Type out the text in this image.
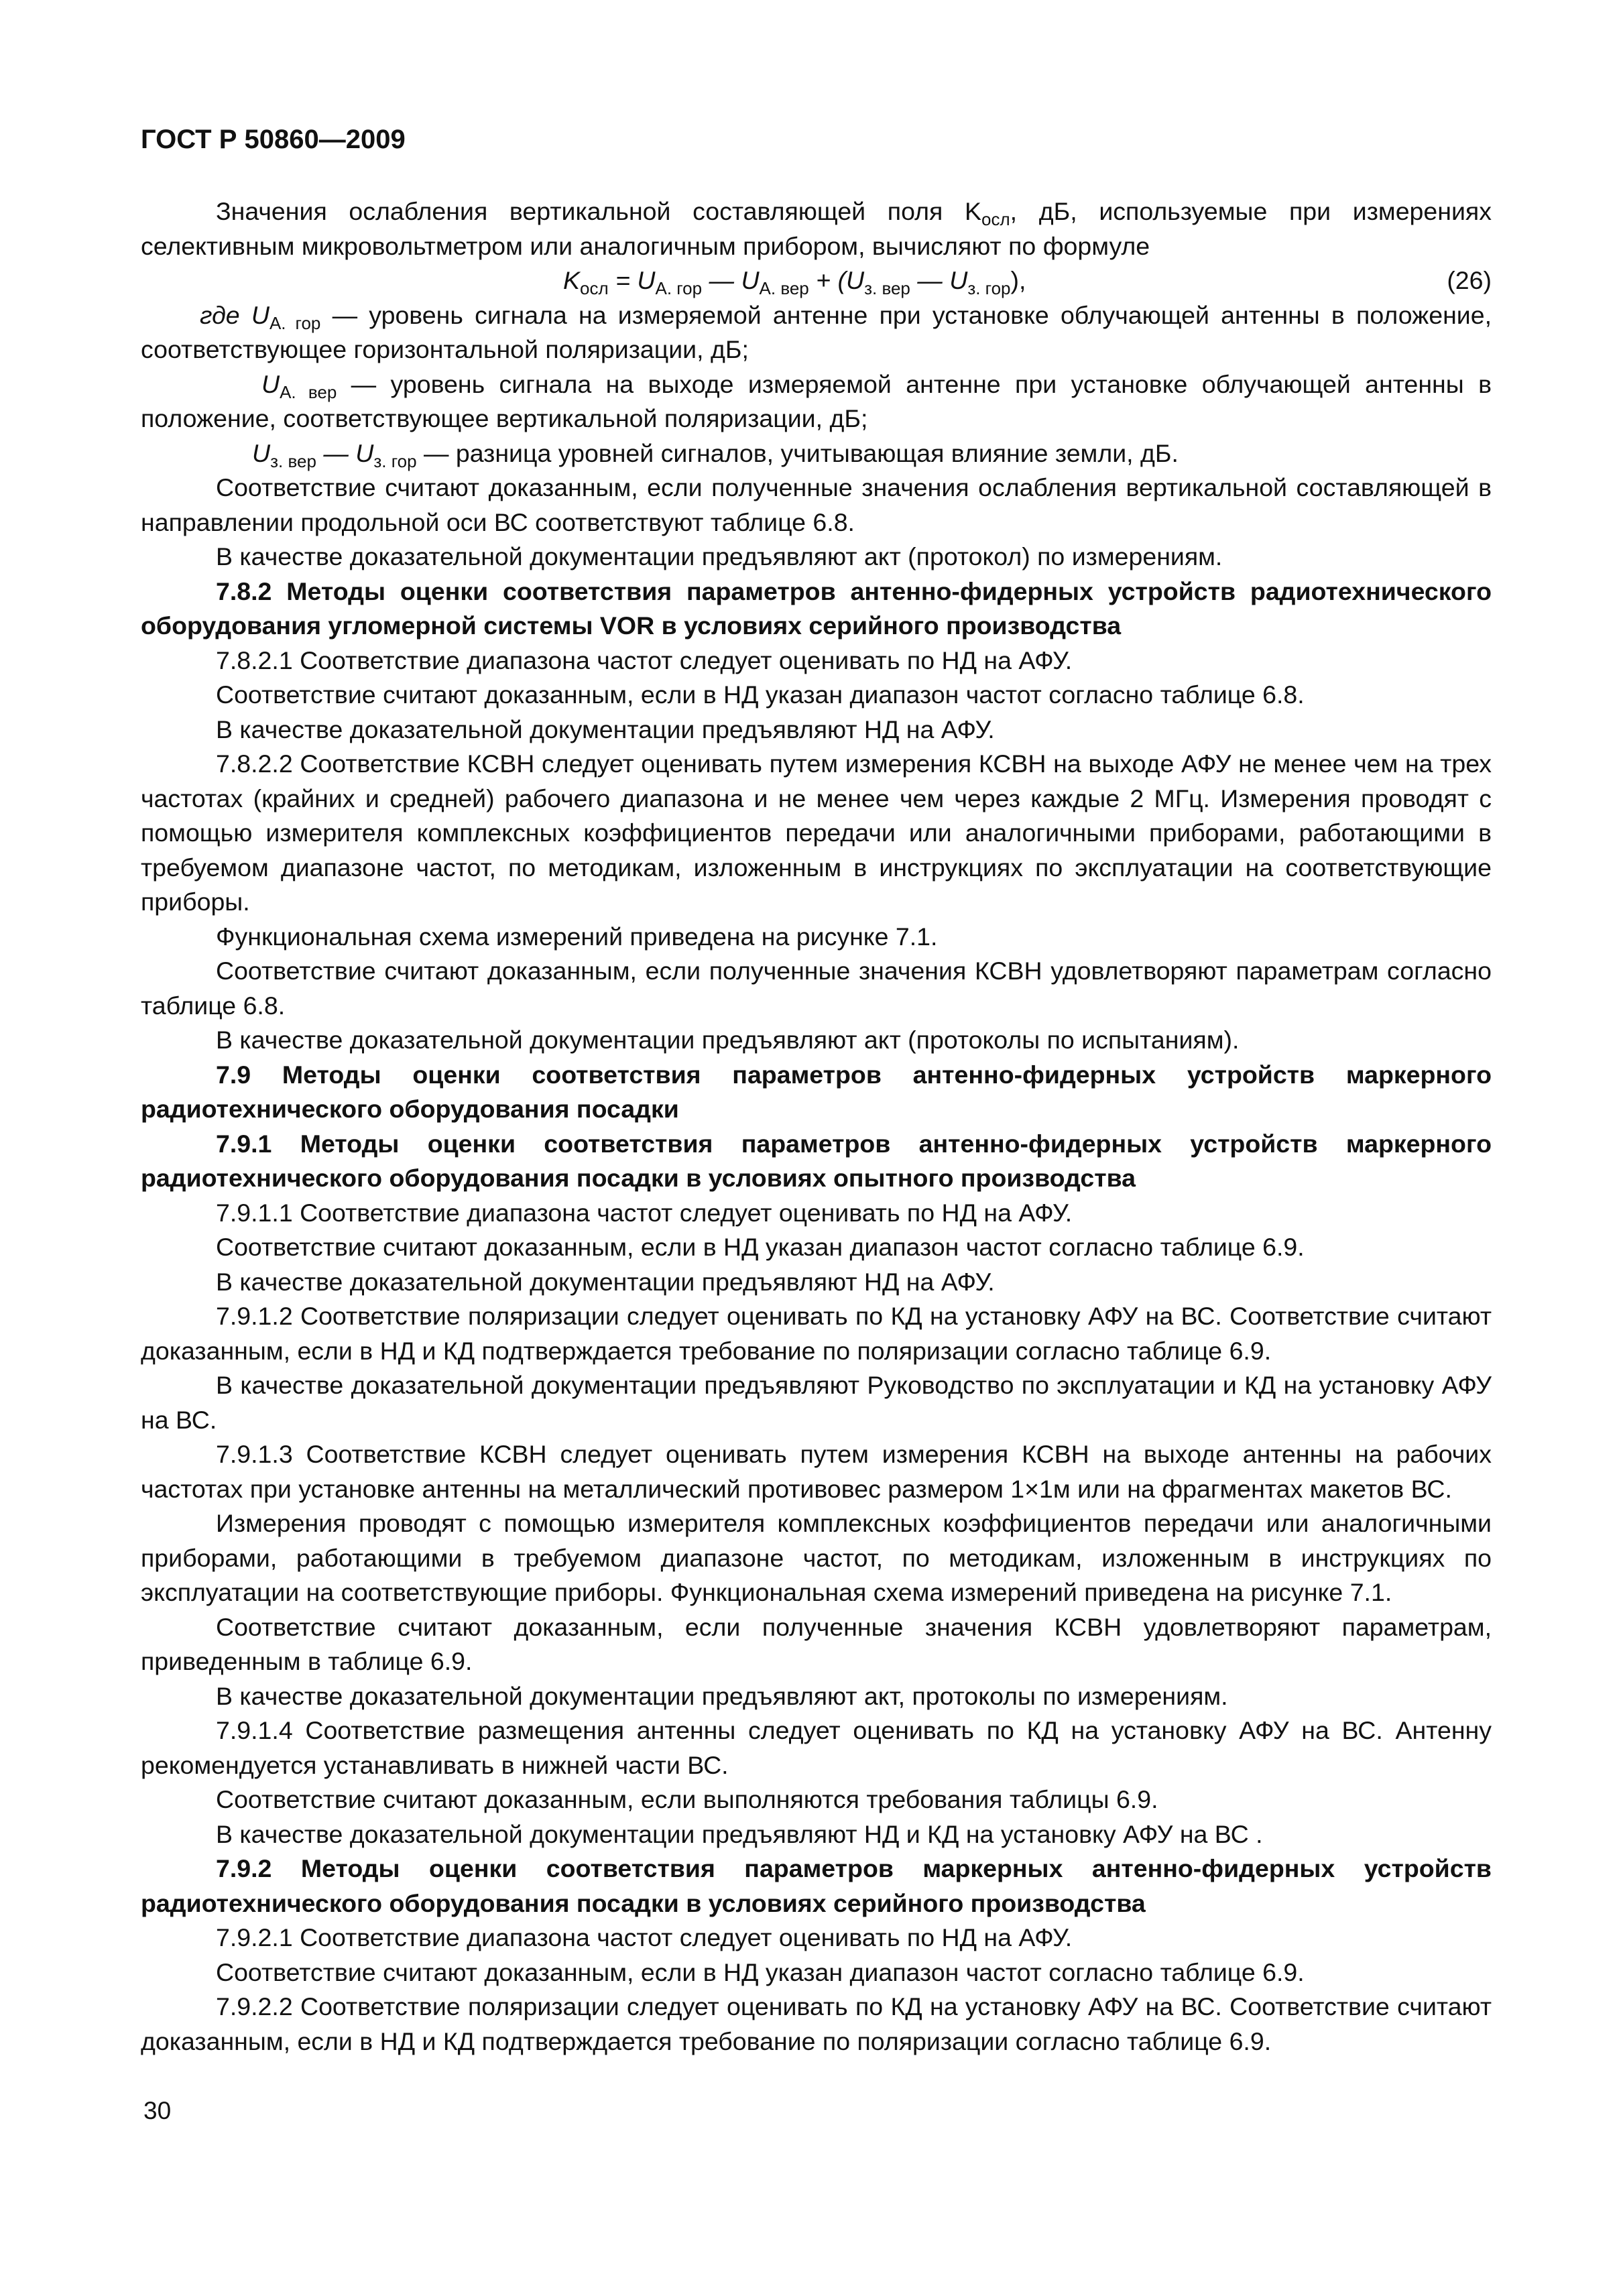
ГОСТ Р 50860—2009

Значения ослабления вертикальной составляющей поля $K_{осл}$, дБ, используемые при измерениях селективным микровольтметром или аналогичным прибором, вычисляют по формуле

$K_{осл} = U_{А. гор}$ — $U_{А. вер} + (U_{з. вер}$ — $U_{з. гор}$),	(26)

где $U_{А. гор}$ — уровень сигнала на измеряемой антенне при установке облучающей антенны в положение, соответствующее горизонтальной поляризации, дБ;

$U_{А. вер}$ — уровень сигнала на выходе измеряемой антенне при установке облучающей антенны в положение, соответствующее вертикальной поляризации, дБ;

$U_{з. вер}$ — $U_{з. гор}$ — разница уровней сигналов, учитывающая влияние земли, дБ.

Соответствие считают доказанным, если полученные значения ослабления вертикальной составляющей в направлении продольной оси ВС соответствуют таблице 6.8.

В качестве доказательной документации предъявляют акт (протокол) по измерениям.

7.8.2 Методы оценки соответствия параметров антенно-фидерных устройств радиотехнического оборудования угломерной системы VOR в условиях серийного производства

7.8.2.1 Соответствие диапазона частот следует оценивать по НД на АФУ.

Соответствие считают доказанным, если в НД указан диапазон частот согласно таблице 6.8.

В качестве доказательной документации предъявляют НД на АФУ.

7.8.2.2 Соответствие КСВН следует оценивать путем измерения КСВН на выходе АФУ не менее чем на трех частотах (крайних и средней) рабочего диапазона и не менее чем через каждые 2 МГц. Измерения проводят с помощью измерителя комплексных коэффициентов передачи или аналогичными приборами, работающими в требуемом диапазоне частот, по методикам, изложенным в инструкциях по эксплуатации на соответствующие приборы.

Функциональная схема измерений приведена на рисунке 7.1.

Соответствие считают доказанным, если полученные значения КСВН удовлетворяют параметрам согласно таблице 6.8.

В качестве доказательной документации предъявляют акт (протоколы по испытаниям).

7.9 Методы оценки соответствия параметров антенно-фидерных устройств маркерного радиотехнического оборудования посадки

7.9.1 Методы оценки соответствия параметров антенно-фидерных устройств маркерного радиотехнического оборудования посадки в условиях опытного производства

7.9.1.1 Соответствие диапазона частот следует оценивать по НД на АФУ.

Соответствие считают доказанным, если в НД указан диапазон частот согласно таблице 6.9.

В качестве доказательной документации предъявляют НД на АФУ.

7.9.1.2 Соответствие поляризации следует оценивать по КД на установку АФУ на ВС. Соответствие считают доказанным, если в НД и КД подтверждается требование по поляризации согласно таблице 6.9.

В качестве доказательной документации предъявляют Руководство по эксплуатации и КД на установку АФУ на ВС.

7.9.1.3 Соответствие КСВН следует оценивать путем измерения КСВН на выходе антенны на рабочих частотах при установке антенны на металлический противовес размером 1×1м или на фрагментах макетов ВС.

Измерения проводят с помощью измерителя комплексных коэффициентов передачи или аналогичными приборами, работающими в требуемом диапазоне частот, по методикам, изложенным в инструкциях по эксплуатации на соответствующие приборы. Функциональная схема измерений приведена на рисунке 7.1.

Соответствие считают доказанным, если полученные значения КСВН удовлетворяют параметрам, приведенным в таблице 6.9.

В качестве доказательной документации предъявляют акт, протоколы по измерениям.

7.9.1.4 Соответствие размещения антенны следует оценивать по КД на установку АФУ на ВС. Антенну рекомендуется устанавливать в нижней части ВС.

Соответствие считают доказанным, если выполняются требования таблицы 6.9.

В качестве доказательной документации предъявляют НД и КД на установку АФУ на ВС .

7.9.2 Методы оценки соответствия параметров маркерных антенно-фидерных устройств радиотехнического оборудования посадки в условиях серийного производства

7.9.2.1 Соответствие диапазона частот следует оценивать по НД на АФУ.

Соответствие считают доказанным, если в НД указан диапазон частот согласно таблице 6.9.

7.9.2.2 Соответствие поляризации следует оценивать по КД на установку АФУ на ВС. Соответствие считают доказанным, если в НД и КД подтверждается требование по поляризации согласно таблице 6.9.

30
